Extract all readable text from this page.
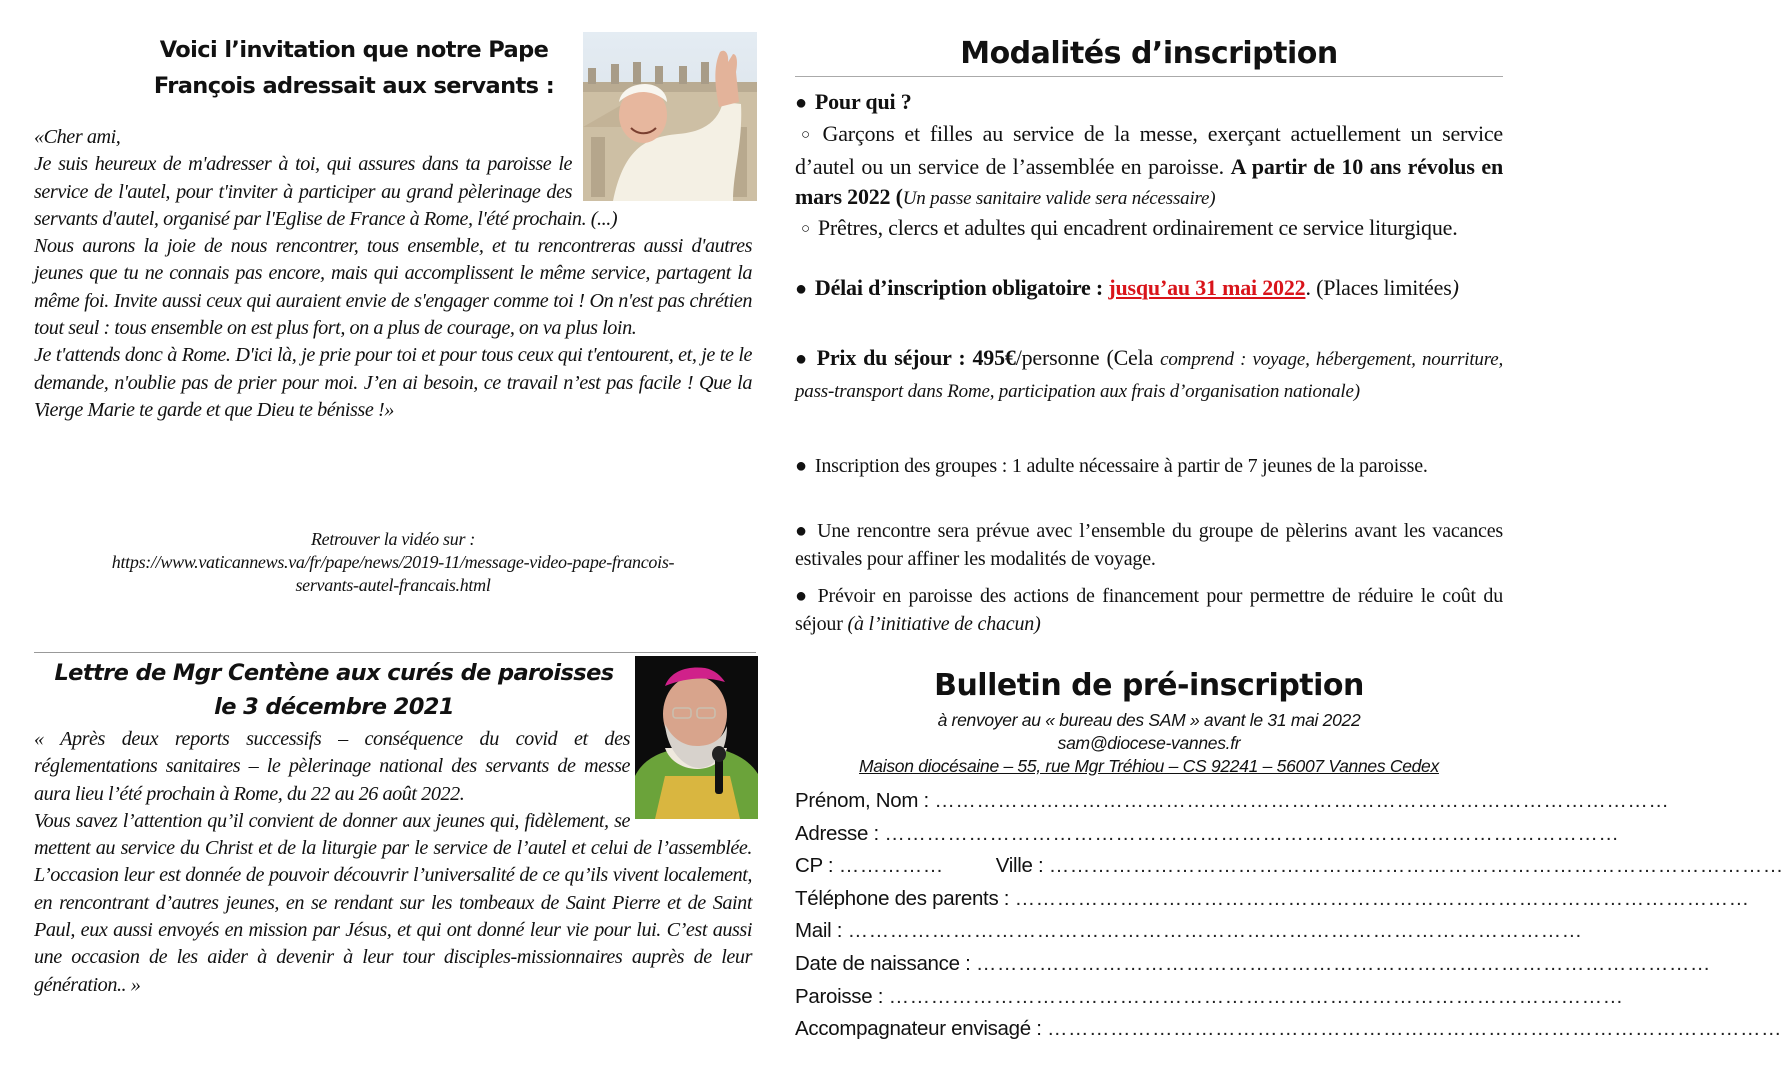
Voici l’invitation que notre Pape
François adressait aux servants :

«Cher ami,

Je suis heureux de m'adresser à toi, qui assures dans ta paroisse le service de l'autel, pour t'inviter à participer au grand pèlerinage des servants d'autel, organisé par l'Eglise de France à Rome, l'été prochain. (...)

Nous aurons la joie de nous rencontrer, tous ensemble, et tu rencontreras aussi d'autres jeunes que tu ne connais pas encore, mais qui accomplissent le même service, partagent la même foi. Invite aussi ceux qui auraient envie de s'engager comme toi ! On n'est pas chrétien tout seul : tous ensemble on est plus fort, on a plus de courage, on va plus loin.

Je t'attends donc à Rome. D'ici là, je prie pour toi et pour tous ceux qui t'entourent, et, je te le demande, n'oublie pas de prier pour moi. J’en ai besoin, ce travail n’est pas facile ! Que la Vierge Marie te garde et que Dieu te bénisse !»

Retrouver la vidéo sur :
https://www.vaticannews.va/fr/pape/news/2019-11/message-video-pape-francois-
servants-autel-francais.html
Lettre de Mgr Centène aux curés de paroisses
le 3 décembre 2021

« Après deux reports successifs – conséquence du covid et des réglementations sanitaires – le pèlerinage national des servants de messe aura lieu l’été prochain à Rome, du 22 au 26 août 2022.

Vous savez l’attention qu’il convient de donner aux jeunes qui, fidèlement, se mettent au service du Christ et de la liturgie par le service de l’autel et celui de l’assemblée. L’occasion leur est donnée de pouvoir découvrir l’universalité de ce qu’ils vivent localement, en rencontrant d’autres jeunes, en se rendant sur les tombeaux de Saint Pierre et de Saint Paul, eux aussi envoyés en mission par Jésus, et qui ont donné leur vie pour lui. C’est aussi une occasion de les aider à devenir à leur tour disciples-missionnaires auprès de leur génération.. »

Modalités d’inscription

● Pour qui ?

○ Garçons et filles au service de la messe, exerçant actuellement un service d’autel ou un service de l’assemblée en paroisse. A partir de 10 ans révolus en mars 2022 (Un passe sanitaire valide sera nécessaire)

○ Prêtres, clercs et adultes qui encadrent ordinairement ce service liturgique.

● Délai d’inscription obligatoire : jusqu’au 31 mai 2022. (Places limitées)

● Prix du séjour : 495€/personne (Cela comprend : voyage, hébergement, nourriture, pass-transport dans Rome, participation aux frais d’organisation nationale)

● Inscription des groupes : 1 adulte nécessaire à partir de 7 jeunes de la paroisse.

● Une rencontre sera prévue avec l’ensemble du groupe de pèlerins avant les vacances estivales pour affiner les modalités de voyage.

● Prévoir en paroisse des actions de financement pour permettre de réduire le coût du séjour (à l’initiative de chacun)

Bulletin de pré-inscription
à renvoyer au « bureau des SAM » avant le 31 mai 2022
sam@diocese-vannes.fr
Maison diocésaine – 55, rue Mgr Tréhiou – CS 92241 – 56007 Vannes Cedex
Prénom, Nom : ……………………………………………………………………………………………
Adresse : ……………………………………………………………………………………………
CP : ……………	Ville : ……………………………………………………………………………………………
Téléphone des parents : ……………………………………………………………………………………………
Mail : ……………………………………………………………………………………………
Date de naissance : ……………………………………………………………………………………………
Paroisse : ……………………………………………………………………………………………
Accompagnateur envisagé : ……………………………………………………………………………………………
